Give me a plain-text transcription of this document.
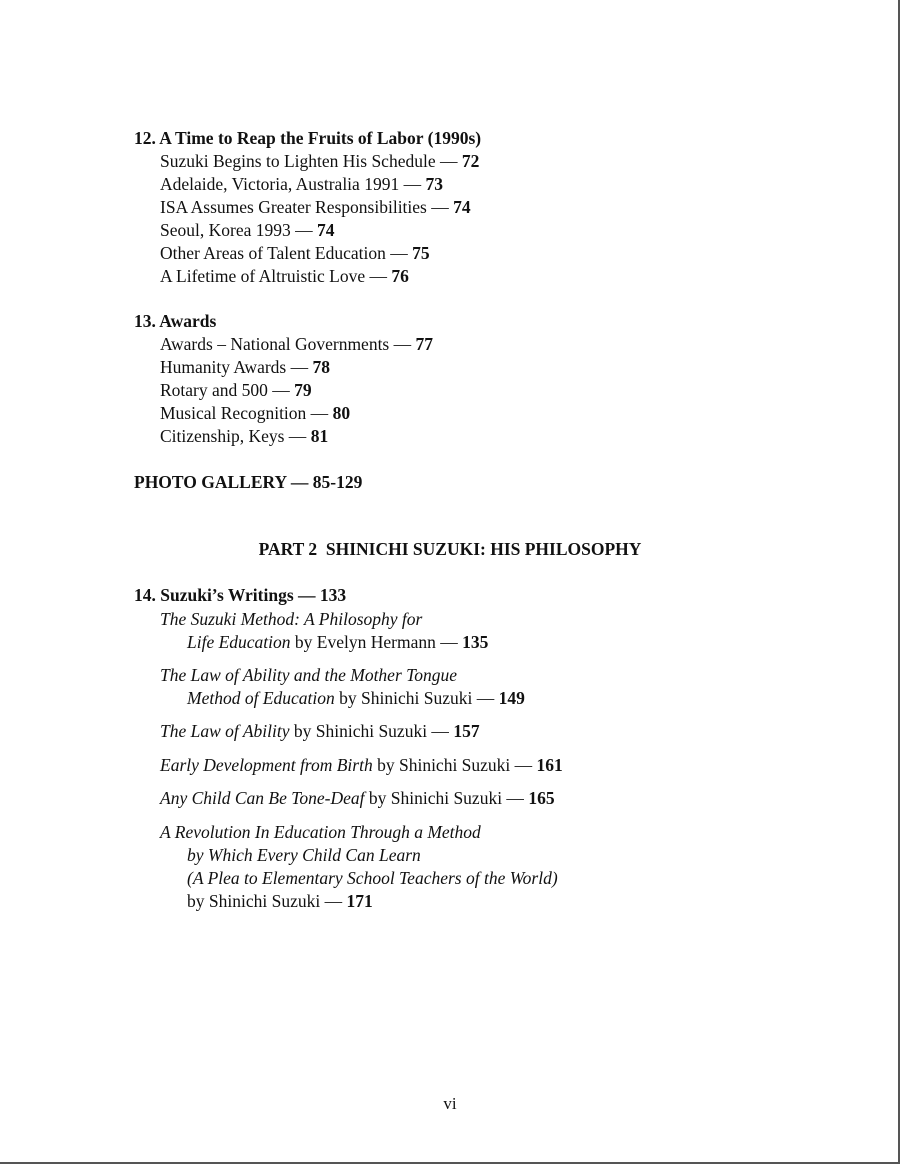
12. A Time to Reap the Fruits of Labor (1990s)
Suzuki Begins to Lighten His Schedule — 72
Adelaide, Victoria, Australia 1991 — 73
ISA Assumes Greater Responsibilities — 74
Seoul, Korea 1993 — 74
Other Areas of Talent Education — 75
A Lifetime of Altruistic Love — 76
13. Awards
Awards – National Governments — 77
Humanity Awards — 78
Rotary and 500 — 79
Musical Recognition — 80
Citizenship, Keys — 81
PHOTO GALLERY — 85-129
PART 2  SHINICHI SUZUKI: HIS PHILOSOPHY
14. Suzuki’s Writings — 133
The Suzuki Method: A Philosophy for
Life Education by Evelyn Hermann — 135
The Law of Ability and the Mother Tongue
Method of Education by Shinichi Suzuki — 149
The Law of Ability by Shinichi Suzuki — 157
Early Development from Birth by Shinichi Suzuki — 161
Any Child Can Be Tone-Deaf by Shinichi Suzuki — 165
A Revolution In Education Through a Method
by Which Every Child Can Learn
(A Plea to Elementary School Teachers of the World)
by Shinichi Suzuki — 171
vi
